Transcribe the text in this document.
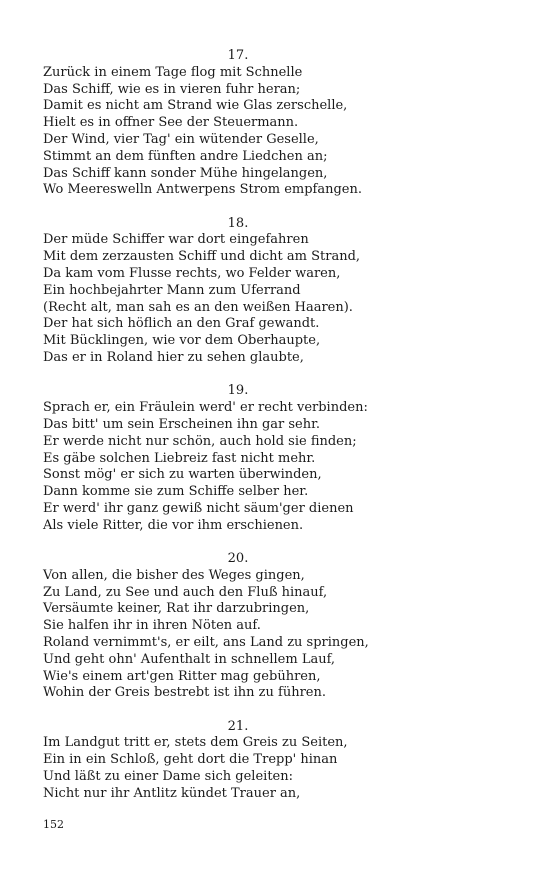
17.
Zurück in einem Tage flog mit Schnelle
Das Schiff, wie es in vieren fuhr heran;
Damit es nicht am Strand wie Glas zerschelle,
Hielt es in offner See der Steuermann.
Der Wind, vier Tag' ein wütender Geselle,
Stimmt an dem fünften andre Liedchen an;
Das Schiff kann sonder Mühe hingelangen,
Wo Meereswelln Antwerpens Strom empfangen.
18.
Der müde Schiffer war dort eingefahren
Mit dem zerzausten Schiff und dicht am Strand,
Da kam vom Flusse rechts, wo Felder waren,
Ein hochbejahrter Mann zum Uferrand
(Recht alt, man sah es an den weißen Haaren).
Der hat sich höflich an den Graf gewandt.
Mit Bücklingen, wie vor dem Oberhaupte,
Das er in Roland hier zu sehen glaubte,
19.
Sprach er, ein Fräulein werd' er recht verbinden:
Das bitt' um sein Erscheinen ihn gar sehr.
Er werde nicht nur schön, auch hold sie finden;
Es gäbe solchen Liebreiz fast nicht mehr.
Sonst mög' er sich zu warten überwinden,
Dann komme sie zum Schiffe selber her.
Er werd' ihr ganz gewiß nicht säum'ger dienen
Als viele Ritter, die vor ihm erschienen.
20.
Von allen, die bisher des Weges gingen,
Zu Land, zu See und auch den Fluß hinauf,
Versäumte keiner, Rat ihr darzubringen,
Sie halfen ihr in ihren Nöten auf.
Roland vernimmt's, er eilt, ans Land zu springen,
Und geht ohn' Aufenthalt in schnellem Lauf,
Wie's einem art'gen Ritter mag gebühren,
Wohin der Greis bestrebt ist ihn zu führen.
21.
Im Landgut tritt er, stets dem Greis zu Seiten,
Ein in ein Schloß, geht dort die Trepp' hinan
Und läßt zu einer Dame sich geleiten:
Nicht nur ihr Antlitz kündet Trauer an,
152
